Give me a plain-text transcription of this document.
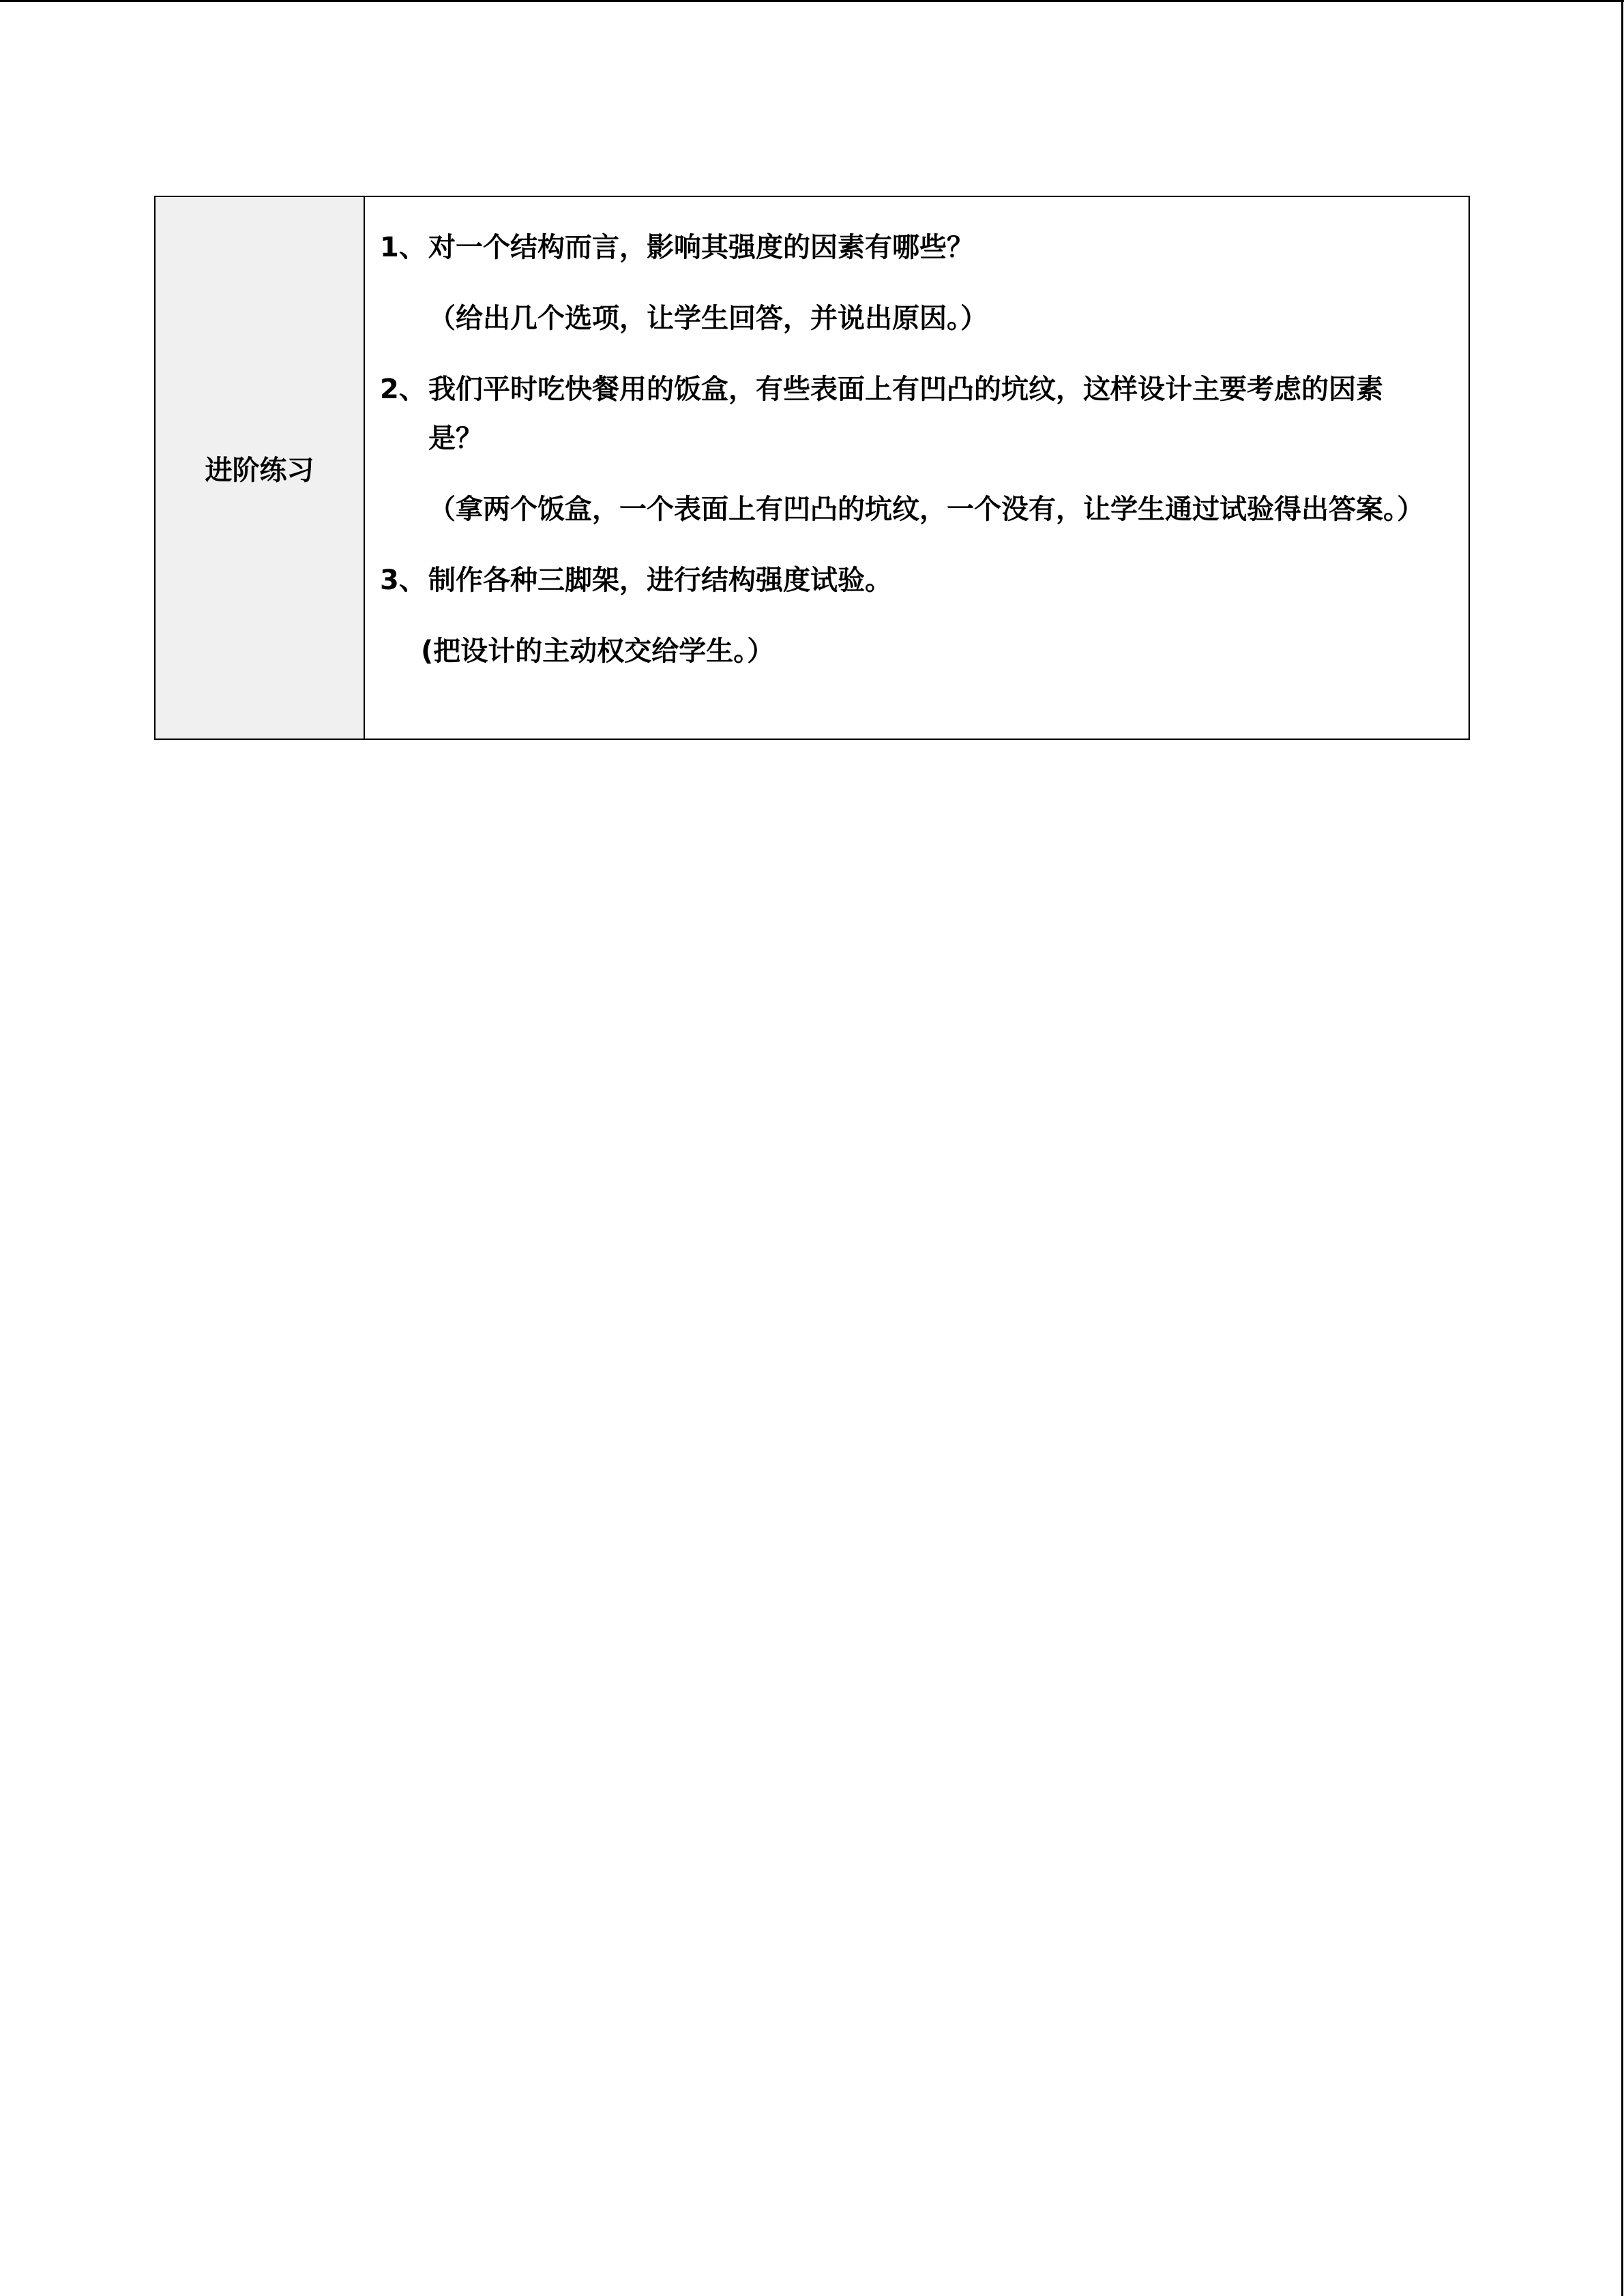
进阶练习	
1、 对一个结构而言，影响其强度的因素有哪些？
（给出几个选项，让学生回答，并说出原因。）
2、 我们平时吃快餐用的饭盒，有些表面上有凹凸的坑纹，这样设计主要考虑的因素是？
（拿两个饭盒，一个表面上有凹凸的坑纹，一个没有，让学生通过试验得出答案。）
3、 制作各种三脚架，进行结构强度试验。
(把设计的主动权交给学生。）
